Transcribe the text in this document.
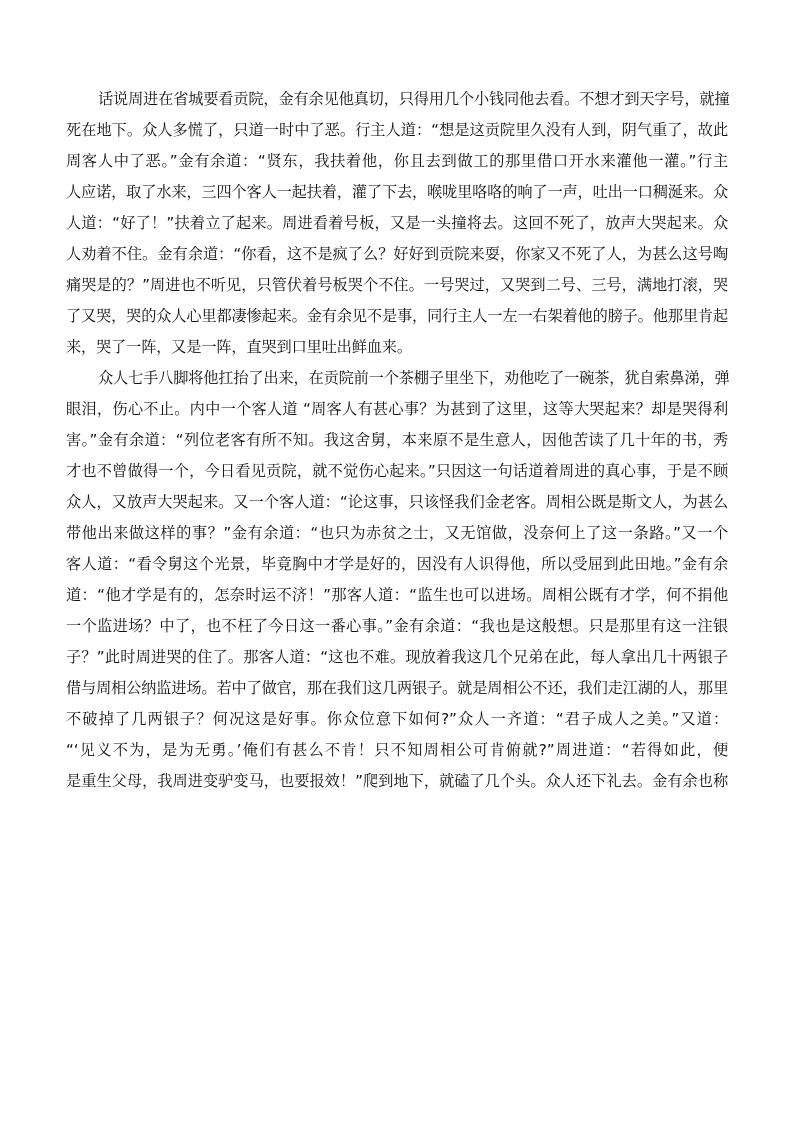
话说周进在省城要看贡院，金有余见他真切，只得用几个小钱同他去看。不想才到天字号，就撞
死在地下。众人多慌了，只道一时中了恶。行主人道：“想是这贡院里久没有人到，阴气重了，故此
周客人中了恶。”金有余道：“贤东，我扶着他，你且去到做工的那里借口开水来灌他一灌。”行主
人应诺，取了水来，三四个客人一起扶着，灌了下去，喉咙里咯咯的响了一声，吐出一口稠涎来。众
人道：“好了！”扶着立了起来。周进看着号板，又是一头撞将去。这回不死了，放声大哭起来。众
人劝着不住。金有余道：“你看，这不是疯了么？好好到贡院来耍，你家又不死了人，为甚么这号啕
痛哭是的？”周进也不听见，只管伏着号板哭个不住。一号哭过，又哭到二号、三号，满地打滚，哭
了又哭，哭的众人心里都凄惨起来。金有余见不是事，同行主人一左一右架着他的膀子。他那里肯起
来，哭了一阵，又是一阵，直哭到口里吐出鲜血来。
众人七手八脚将他扛抬了出来，在贡院前一个茶棚子里坐下，劝他吃了一碗茶，犹自索鼻涕，弹
眼泪，伤心不止。内中一个客人道 “周客人有甚心事？为甚到了这里，这等大哭起来？却是哭得利
害。”金有余道：“列位老客有所不知。我这舍舅，本来原不是生意人，因他苦读了几十年的书，秀
才也不曾做得一个，今日看见贡院，就不觉伤心起来。”只因这一句话道着周进的真心事，于是不顾
众人，又放声大哭起来。又一个客人道：“论这事，只该怪我们金老客。周相公既是斯文人，为甚么
带他出来做这样的事？”金有余道：“也只为赤贫之士，又无馆做，没奈何上了这一条路。”又一个
客人道：“看令舅这个光景，毕竟胸中才学是好的，因没有人识得他，所以受屈到此田地。”金有余
道：“他才学是有的，怎奈时运不济！”那客人道：“监生也可以进场。周相公既有才学，何不捐他
一个监进场？中了，也不枉了今日这一番心事。”金有余道：“我也是这般想。只是那里有这一注银
子？”此时周进哭的住了。那客人道：“这也不难。现放着我这几个兄弟在此，每人拿出几十两银子
借与周相公纳监进场。若中了做官，那在我们这几两银子。就是周相公不还，我们走江湖的人，那里
不破掉了几两银子？何况这是好事。你众位意下如何?”众人一齐道：“君子成人之美。”又道：
“‘见义不为，是为无勇。’俺们有甚么不肯！只不知周相公可肯俯就?”周进道：“若得如此，便
是重生父母，我周进变驴变马，也要报效！”爬到地下，就磕了几个头。众人还下礼去。金有余也称
